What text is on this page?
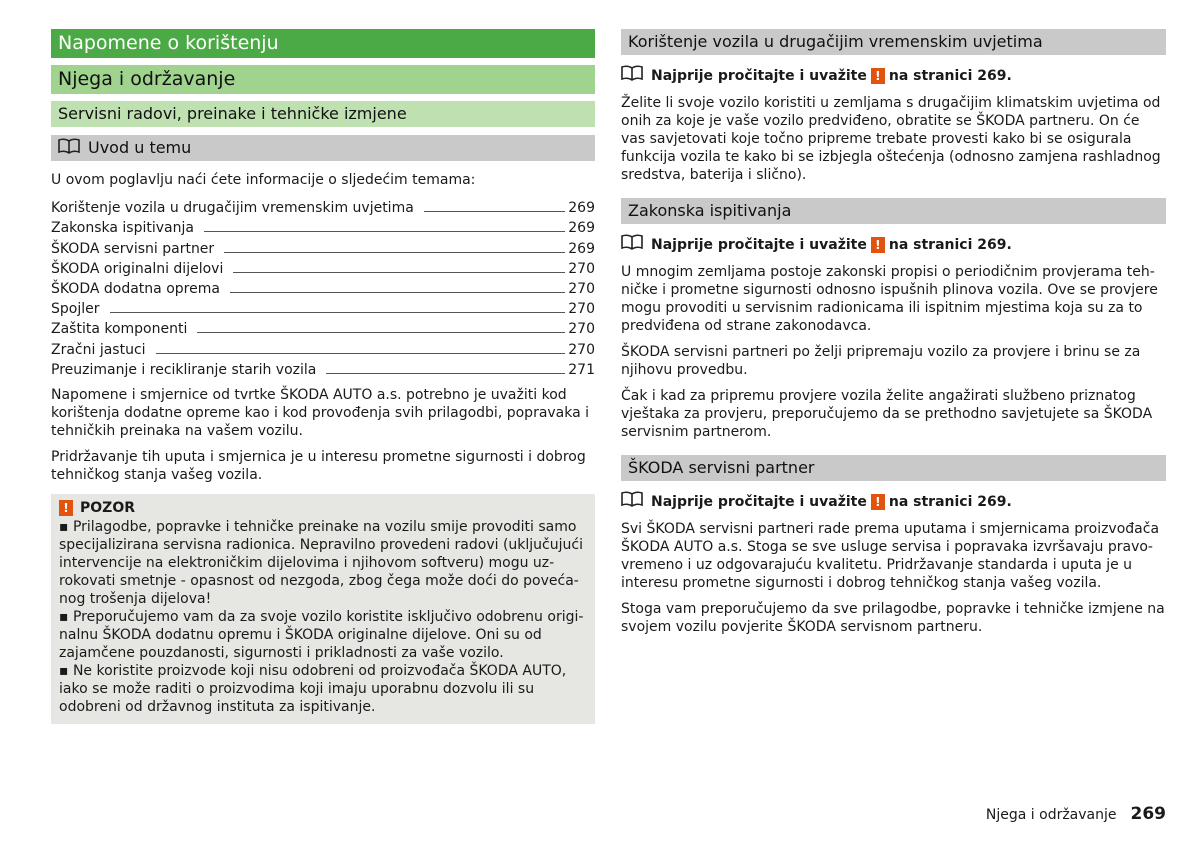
Napomene o korištenju
Njega i održavanje
Servisni radovi, preinake i tehničke izmjene
Uvod u temu

U ovom poglavlju naći ćete informacije o sljedećim temama:

Korištenje vozila u drugačijim vremenskim uvjetima	269
Zakonska ispitivanja	269
ŠKODA servisni partner	269
ŠKODA originalni dijelovi	270
ŠKODA dodatna oprema	270
Spojler	270
Zaštita komponenti	270
Zračni jastuci	270
Preuzimanje i recikliranje starih vozila	271

Napomene i smjernice od tvrtke ŠKODA AUTO a.s. potrebno je uvažiti kod korištenja dodatne opreme kao i kod provođenja svih prilagodbi, popravaka i tehničkih preinaka na vašem vozilu.

Pridržavanje tih uputa i smjernica je u interesu prometne sigurnosti i dobrog tehničkog stanja vašeg vozila.

! POZOR

▪ Prilagodbe, popravke i tehničke preinake na vozilu smije provoditi samo specijalizirana servisna radionica. Nepravilno provedeni radovi (uključujući intervencije na elektroničkim dijelovima i njihovom softveru) mogu uzrokovati smetnje - opasnost od nezgoda, zbog čega može doći do povećanog trošenja dijelova!

▪ Preporučujemo vam da za svoje vozilo koristite isključivo odobrenu originalnu ŠKODA dodatnu opremu i ŠKODA originalne dijelove. Oni su od zajamčene pouzdanosti, sigurnosti i prikladnosti za vaše vozilo.

▪ Ne koristite proizvode koji nisu odobreni od proizvođača ŠKODA AUTO, iako se može raditi o proizvodima koji imaju uporabnu dozvolu ili su odobreni od državnog instituta za ispitivanje.

Korištenje vozila u drugačijim vremenskim uvjetima
Najprije pročitajte i uvažite ! na stranici 269.

Želite li svoje vozilo koristiti u zemljama s drugačijim klimatskim uvjetima od onih za koje je vaše vozilo predviđeno, obratite se ŠKODA partneru. On će vas savjetovati koje točno pripreme trebate provesti kako bi se osigurala funkcija vozila te kako bi se izbjegla oštećenja (odnosno zamjena rashladnog sredstva, baterija i slično).

Zakonska ispitivanja
Najprije pročitajte i uvažite ! na stranici 269.

U mnogim zemljama postoje zakonski propisi o periodičnim provjerama tehničke i prometne sigurnosti odnosno ispušnih plinova vozila. Ove se provjere mogu provoditi u servisnim radionicama ili ispitnim mjestima koja su za to predviđena od strane zakonodavca.

ŠKODA servisni partneri po želji pripremaju vozilo za provjere i brinu se za njihovu provedbu.

Čak i kad za pripremu provjere vozila želite angažirati službeno priznatog vještaka za provjeru, preporučujemo da se prethodno savjetujete sa ŠKODA servisnim partnerom.

ŠKODA servisni partner
Najprije pročitajte i uvažite ! na stranici 269.

Svi ŠKODA servisni partneri rade prema uputama i smjernicama proizvođača ŠKODA AUTO a.s. Stoga se sve usluge servisa i popravaka izvršavaju pravovremeno i uz odgovarajuću kvalitetu. Pridržavanje standarda i uputa je u interesu prometne sigurnosti i dobrog tehničkog stanja vašeg vozila.

Stoga vam preporučujemo da sve prilagodbe, popravke i tehničke izmjene na svojem vozilu povjerite ŠKODA servisnom partneru.

Njega i održavanje 269
